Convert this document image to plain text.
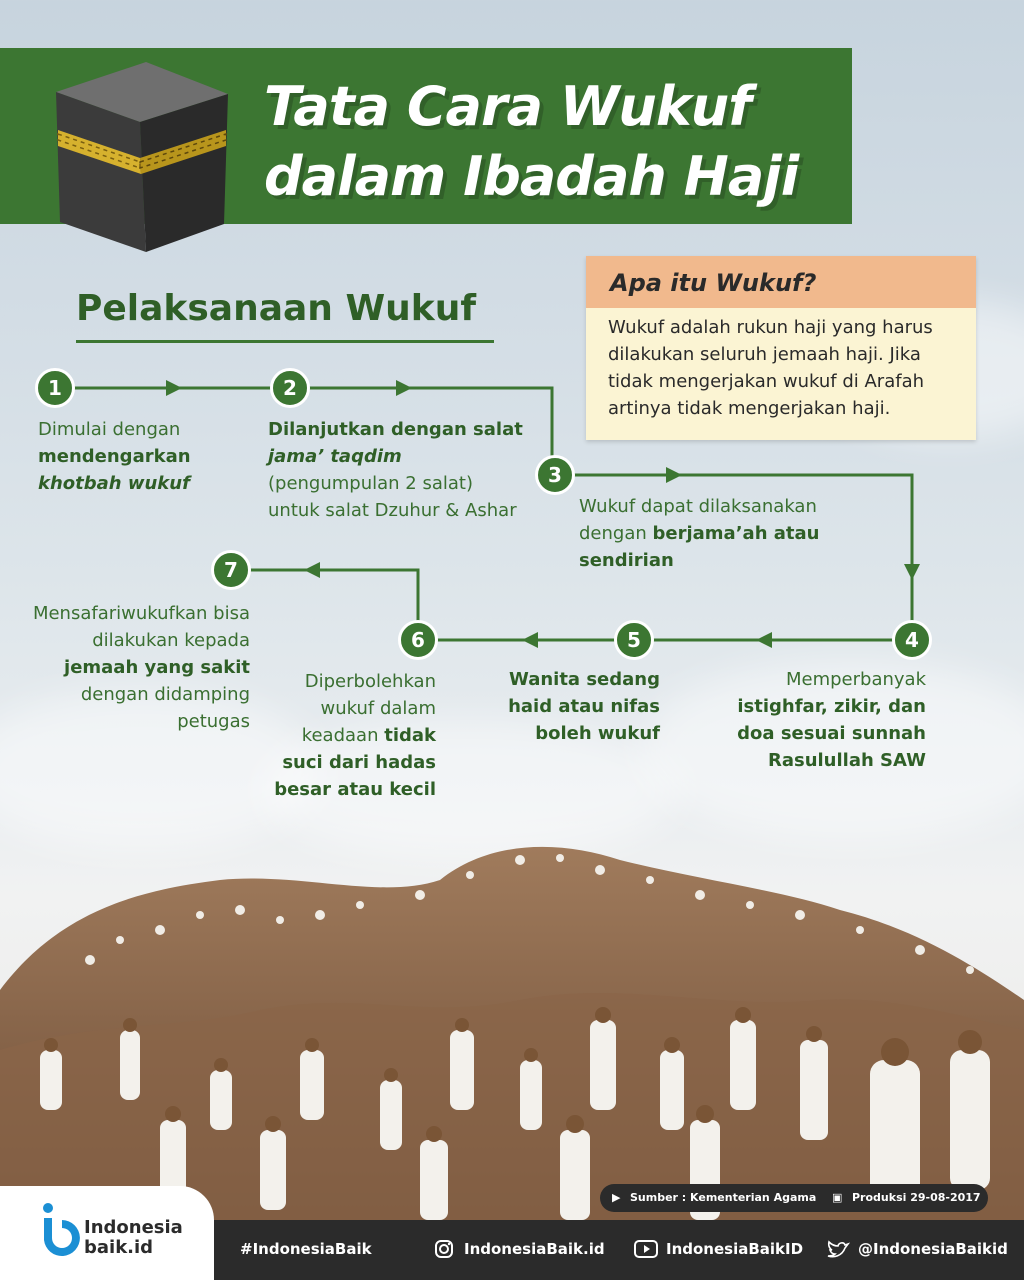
Tata Cara Wukuf
dalam Ibadah Haji
Pelaksanaan Wukuf
Apa itu Wukuf?
Wukuf adalah rukun haji yang harus dilakukan seluruh jemaah haji. Jika tidak mengerjakan wukuf di Arafah artinya tidak mengerjakan haji.
1	2
3
4
5
6
7
Dimulai dengan
mendengarkan
khotbah wukuf
Dilanjutkan dengan salat  jama’ taqdim
(pengumpulan 2 salat)
untuk salat Dzuhur & Ashar	Wukuf dapat dilaksanakan dengan berjama’ah atau sendirian
Memperbanyak
istighfar, zikir, dan doa sesuai sunnah Rasulullah SAW
Wanita sedang haid atau nifas boleh wukuf
Diperbolehkan wukuf dalam keadaan tidak suci dari hadas besar atau kecil
Mensafariwukufkan bisa dilakukan kepada
jemaah yang sakit
dengan didamping petugas
▶ Sumber : Kementerian Agama ▣ Produksi 29-08-2017
Indonesia
baik.id	#IndonesiaBaik	IndonesiaBaik.id	IndonesiaBaikID	@IndonesiaBaikid
